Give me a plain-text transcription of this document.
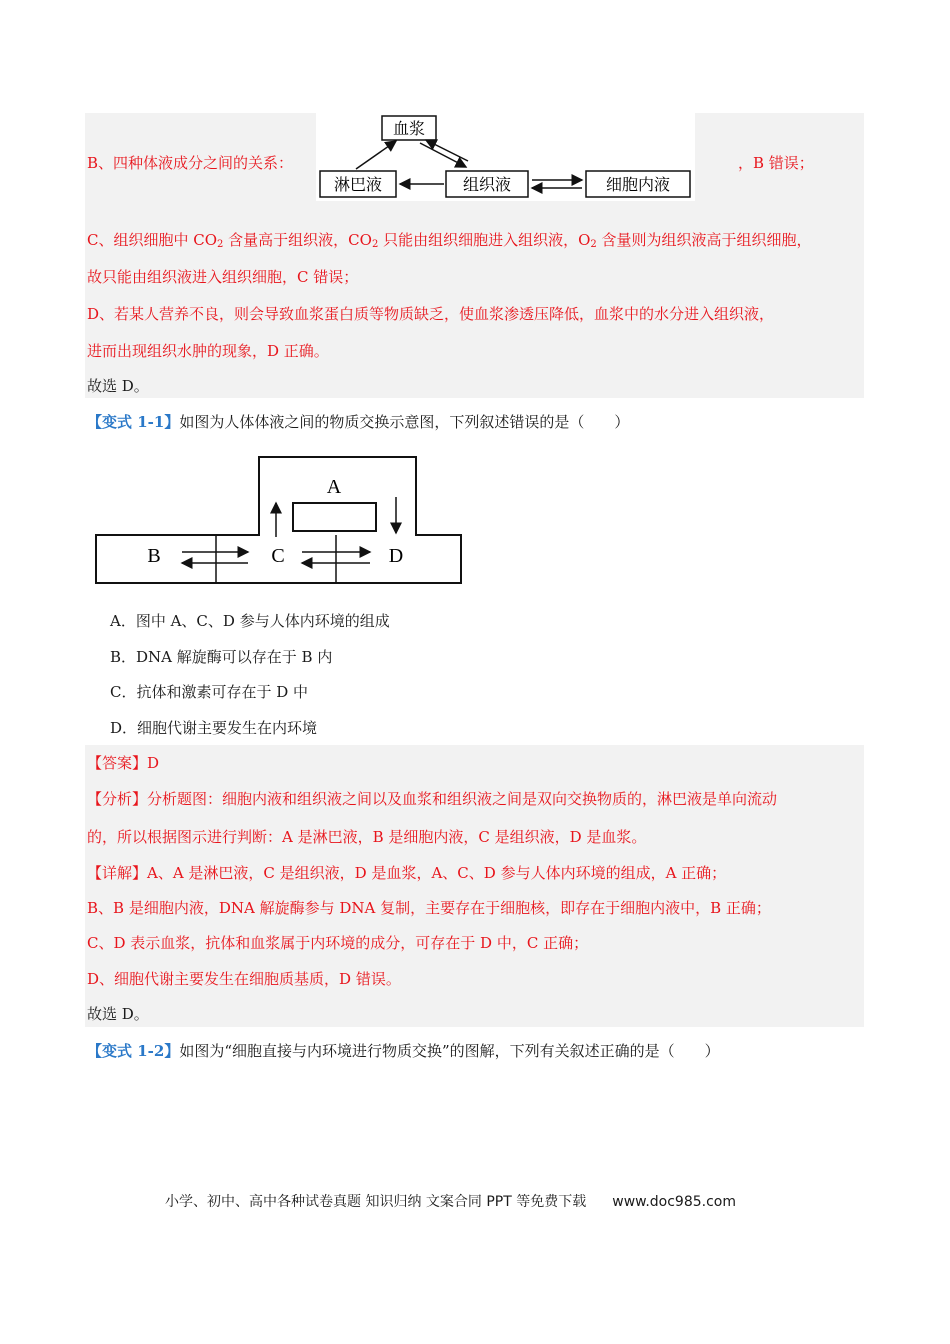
B、四种体液成分之间的关系：
血浆
淋巴液	组织液	细胞内液
，B 错误；
C、组织细胞中 $CO_2$ 含量高于组织液，$CO_2$ 只能由组织细胞进入组织液，$O_2$ 含量则为组织液高于组织细胞，
故只能由组织液进入组织细胞，C 错误；
D、若某人营养不良，则会导致血浆蛋白质等物质缺乏，使血浆渗透压降低，血浆中的水分进入组织液，
进而出现组织水肿的现象，D 正确。
故选 D。
【变式 1-1】如图为人体体液之间的物质交换示意图，下列叙述错误的是（　　）
A
B	C	D
A．图中 A、C、D 参与人体内环境的组成
B．DNA 解旋酶可以存在于 B 内
C．抗体和激素可存在于 D 中
D．细胞代谢主要发生在内环境
【答案】D
【分析】分析题图：细胞内液和组织液之间以及血浆和组织液之间是双向交换物质的，淋巴液是单向流动
的，所以根据图示进行判断：A 是淋巴液，B 是细胞内液，C 是组织液，D 是血浆。
【详解】A、A 是淋巴液，C 是组织液，D 是血浆，A、C、D 参与人体内环境的组成，A 正确；
B、B 是细胞内液，DNA 解旋酶参与 DNA 复制，主要存在于细胞核，即存在于细胞内液中，B 正确；
C、D 表示血浆，抗体和血浆属于内环境的成分，可存在于 D 中，C 正确；
D、细胞代谢主要发生在细胞质基质，D 错误。
故选 D。
【变式 1-2】如图为“细胞直接与内环境进行物质交换”的图解，下列有关叙述正确的是（　　）
小学、初中、高中各种试卷真题 知识归纳 文案合同 PPT 等免费下载 www.doc985.com
